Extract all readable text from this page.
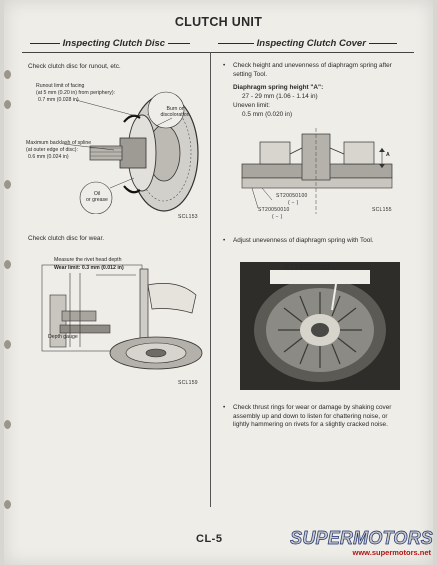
CLUTCH UNIT
Inspecting Clutch Disc	Inspecting Clutch Cover
Check clutch disc for runout, etc.
Runout limit of facing
(at 5 mm (0.20 in) from periphery):
0.7 mm (0.028 in)
Maximum backlash of spline
(at outer edge of disc):
0.6 mm (0.024 in)
Burn or
discoloration
Oil
or grease
SCL153
Check clutch disc for wear.
Measure the rivet head depth
Wear limit: 0.3 mm (0.012 in)
Depth gauge
SCL159
• Check height and unevenness of diaphragm spring after setting Tool.
Diaphragm spring height "A":
27 - 29 mm (1.06 - 1.14 in)
Uneven limit:
0.5 mm (0.020 in)
A
ST20050100
( − )
ST20050010
( − )
SCL155
• Adjust unevenness of diaphragm spring with Tool.
ST20050240
• Check thrust rings for wear or damage by shaking cover assembly up and down to listen for chattering noise, or lightly hammering on rivets for a slightly cracked noise.
CL-5	SUPERMOTORS
www.supermotors.net
